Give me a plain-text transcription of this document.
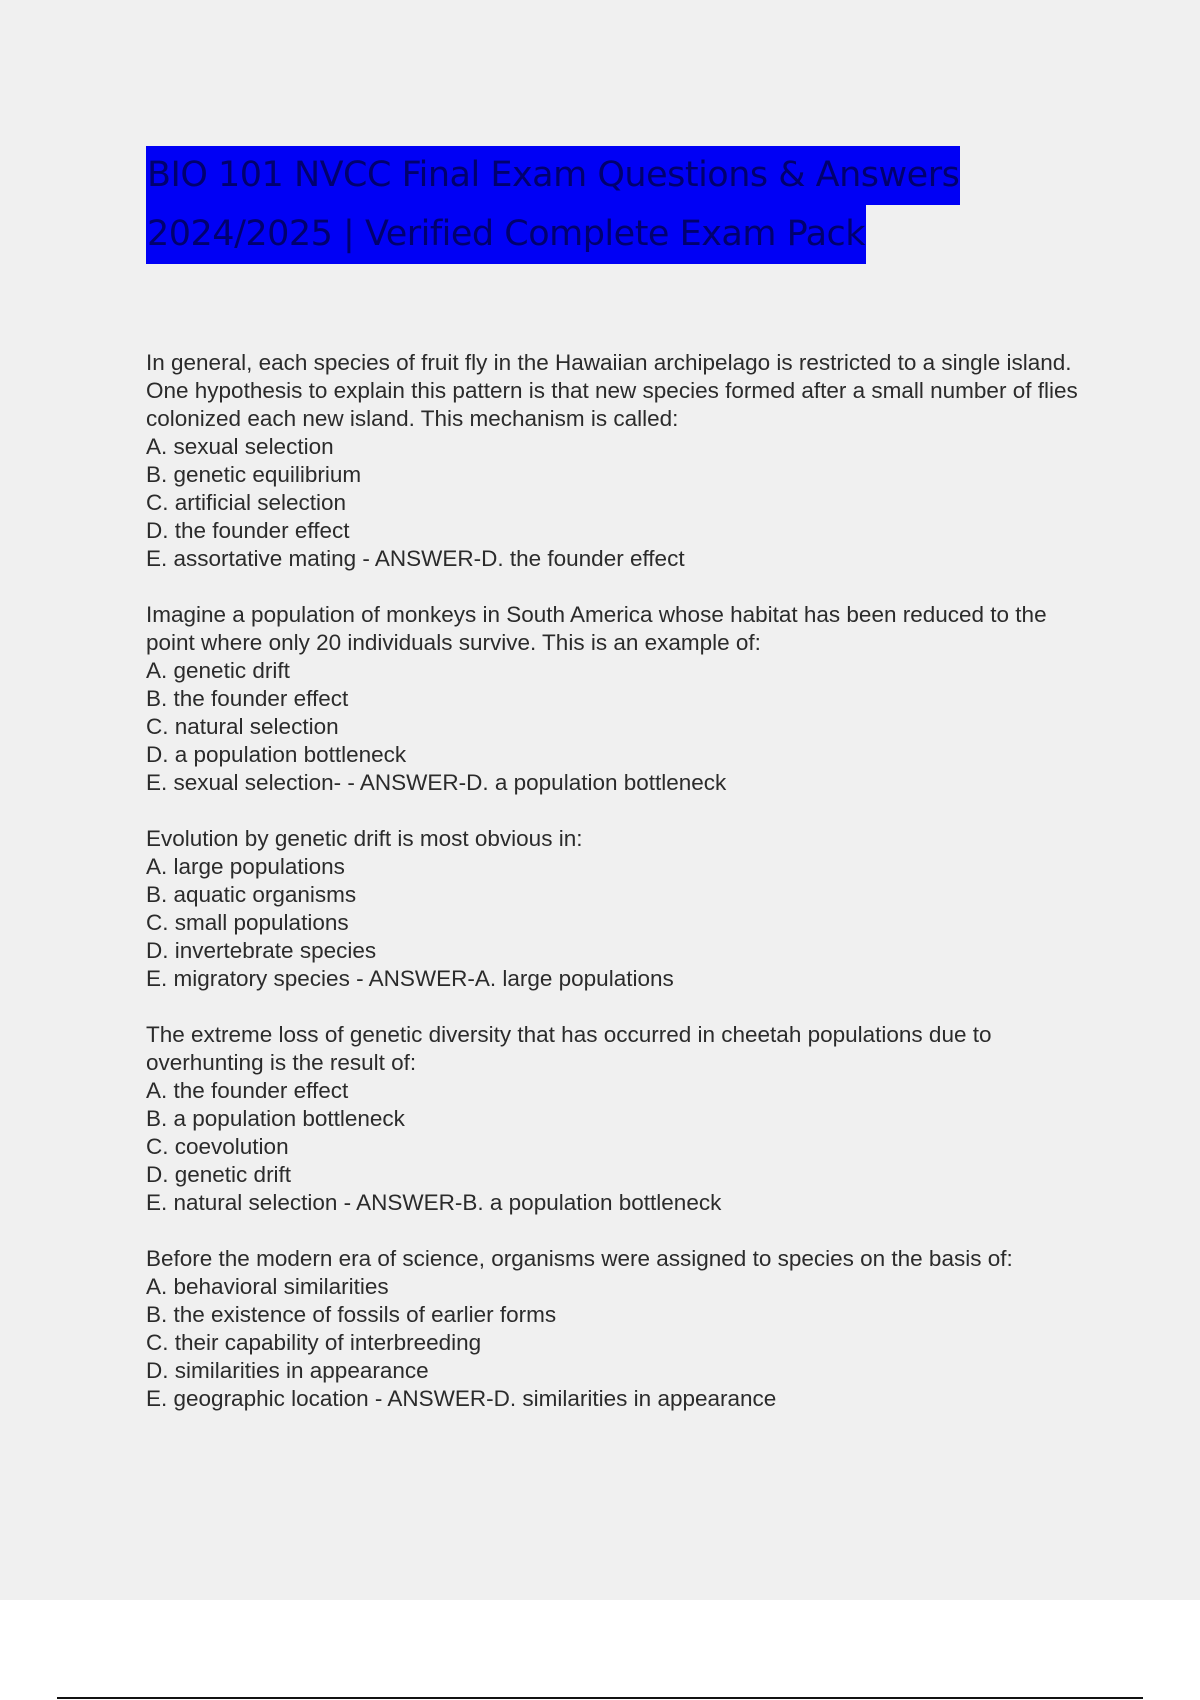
BIO 101 NVCC Final Exam Questions & Answers
2024/2025 | Verified Complete Exam Pack
In general, each species of fruit fly in the Hawaiian archipelago is restricted to a single island. One hypothesis to explain this pattern is that new species formed after a small number of flies colonized each new island. This mechanism is called:
A. sexual selection
B. genetic equilibrium
C. artificial selection
D. the founder effect
E. assortative mating - ANSWER-D. the founder effect
Imagine a population of monkeys in South America whose habitat has been reduced to the point where only 20 individuals survive. This is an example of:
A. genetic drift
B. the founder effect
C. natural selection
D. a population bottleneck
E. sexual selection- - ANSWER-D. a population bottleneck
Evolution by genetic drift is most obvious in:
A. large populations
B. aquatic organisms
C. small populations
D. invertebrate species
E. migratory species - ANSWER-A. large populations
The extreme loss of genetic diversity that has occurred in cheetah populations due to overhunting is the result of:
A. the founder effect
B. a population bottleneck
C. coevolution
D. genetic drift
E. natural selection - ANSWER-B. a population bottleneck
Before the modern era of science, organisms were assigned to species on the basis of:
A. behavioral similarities
B. the existence of fossils of earlier forms
C. their capability of interbreeding
D. similarities in appearance
E. geographic location - ANSWER-D. similarities in appearance
